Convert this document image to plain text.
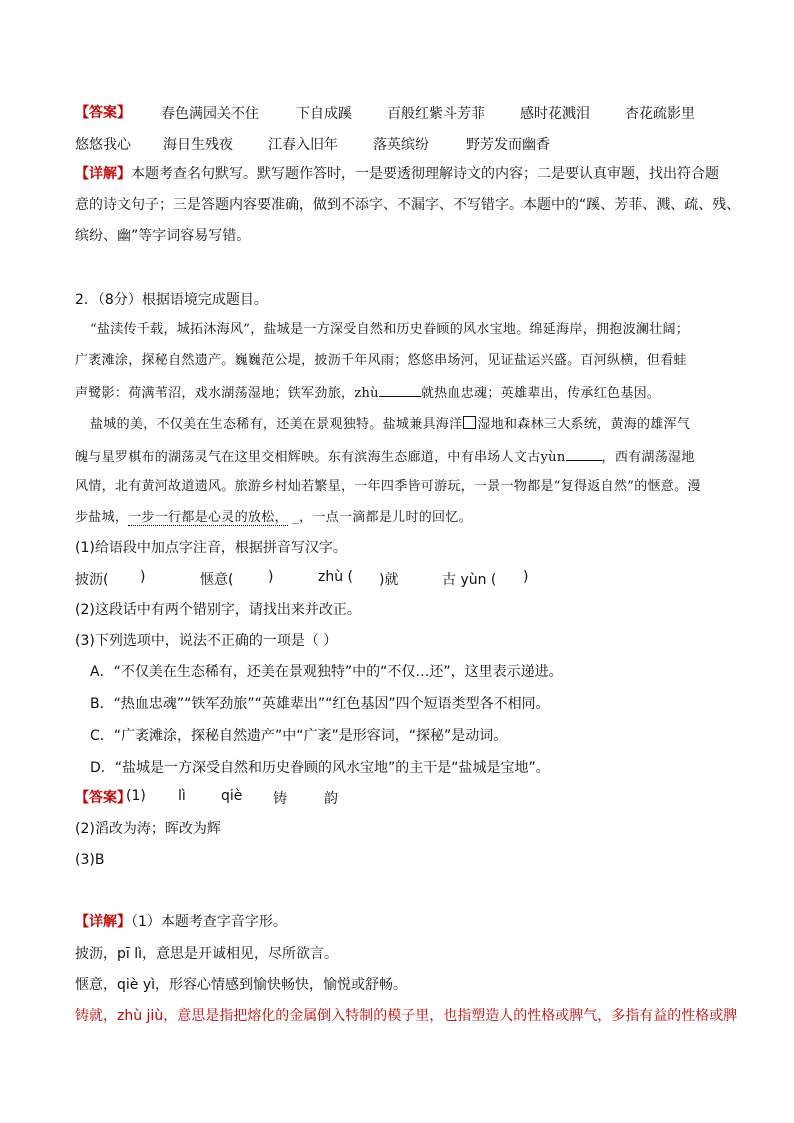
【答案】 春色满园关不住	下自成蹊	百般红紫斗芳菲	感时花溅泪	杏花疏影里
悠悠我心 海日生残夜	江春入旧年	落英缤纷	野芳发而幽香
【详解】本题考查名句默写。默写题作答时，一是要透彻理解诗文的内容；二是要认真审题，找出符合题
意的诗文句子；三是答题内容要准确，做到不添字、不漏字、不写错字。本题中的“蹊、芳菲、溅、疏、残、
缤纷、幽”等字词容易写错。
2．（8分）根据语境完成题目。
“盐渎传千载，城拓沐海风”，盐城是一方深受自然和历史眷顾的风水宝地。绵延海岸，拥抱波澜壮阔；
广袤滩涂，探秘自然遗产。巍巍范公堤，披沥千年风雨；悠悠串场河，见证盐运兴盛。百河纵横，但看蛙
声鹭影：荷满苇沼，戏水湖荡湿地；铁军劲旅，zhù	就热血忠魂；英雄辈出，传承红色基因。
盐城的美，不仅美在生态稀有，还美在景观独特。盐城兼具海洋 湿地和森林三大系统，黄海的雄浑气
魄与星罗棋布的湖荡灵气在这里交相辉映。东有滨海生态廊道，中有串场人文古yùn	，西有湖荡湿地
风情，北有黄河故道遗风。旅游乡村灿若繁星，一年四季皆可游玩，一景一物都是“复得返自然”的惬意。漫
步盐城，一步一行都是心灵的放松， _，一点一滴都是儿时的回忆。
(1)给语段中加点字注音，根据拼音写汉字。
披沥( )	惬意( )	zhù ( )就	古 yùn ( )
(2)这段话中有两个错别字，请找出来并改正。
(3)下列选项中，说法不正确的一项是（ ）
A．“不仅美在生态稀有，还美在景观独特”中的“不仅…还”，这里表示递进。
B．“热血忠魂”“铁军劲旅”“英雄辈出”“红色基因”四个短语类型各不相同。
C．“广袤滩涂，探秘自然遗产”中“广袤”是形容词，“探秘”是动词。
D．“盐城是一方深受自然和历史眷顾的风水宝地”的主干是“盐城是宝地”。
【答案】
(1) lì	qiè 铸	韵
(2)滔改为涛；晖改为辉
(3)B
【详解】（1）本题考查字音字形。
披沥，pī lì，意思是开诚相见，尽所欲言。
惬意，qiè yì，形容心情感到愉快畅快，愉悦或舒畅。
铸就，zhù jiù，意思是指把熔化的金属倒入特制的模子里，也指塑造人的性格或脾气，多指有益的性格或脾
